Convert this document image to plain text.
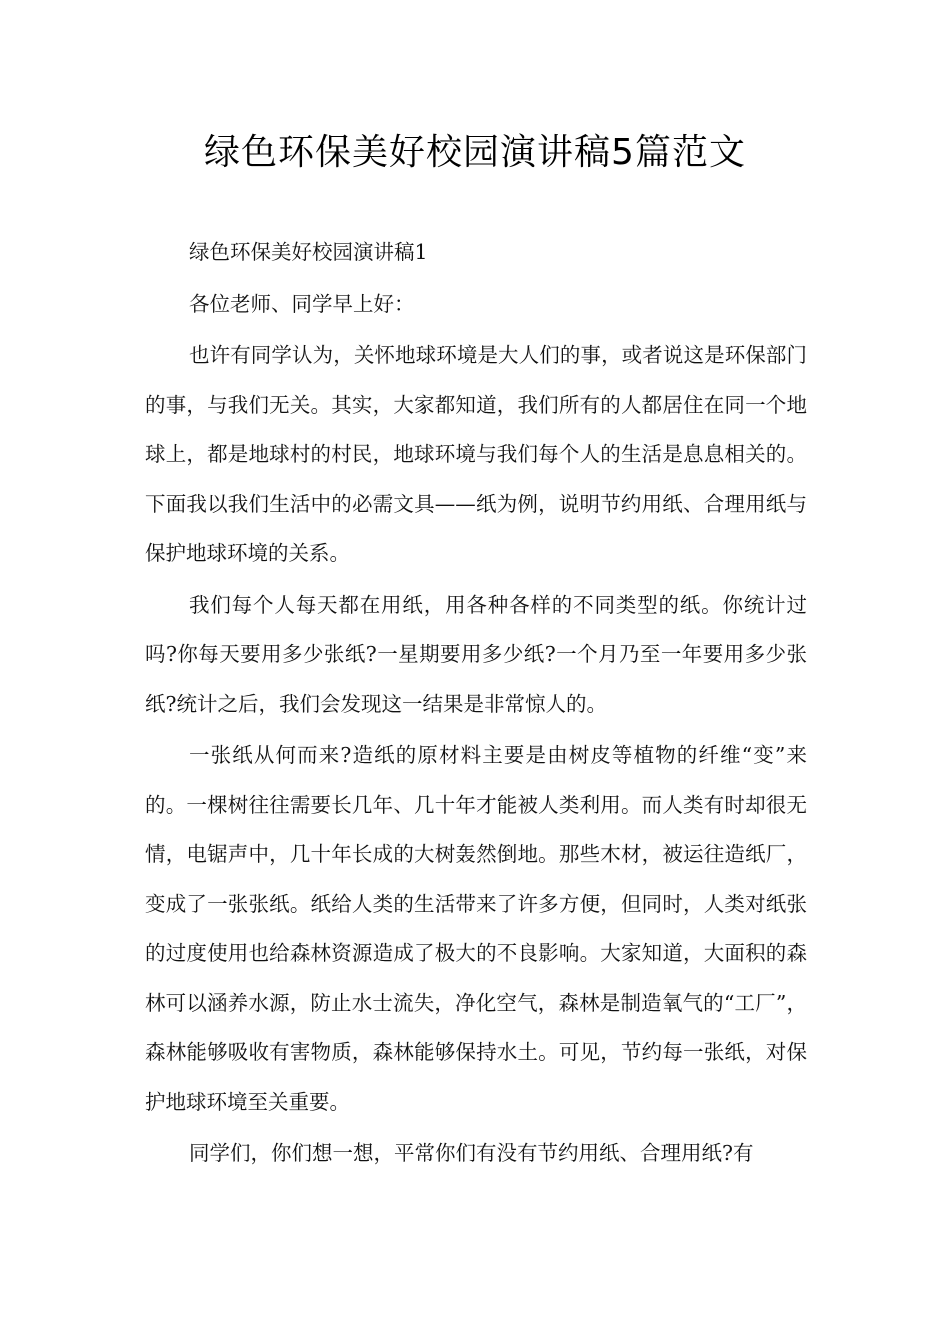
绿色环保美好校园演讲稿5篇范文

绿色环保美好校园演讲稿1

各位老师、同学早上好：

也许有同学认为，关怀地球环境是大人们的事，或者说这是环保部门的事，与我们无关。其实，大家都知道，我们所有的人都居住在同一个地球上，都是地球村的村民，地球环境与我们每个人的生活是息息相关的。下面我以我们生活中的必需文具——纸为例，说明节约用纸、合理用纸与保护地球环境的关系。

我们每个人每天都在用纸，用各种各样的不同类型的纸。你统计过吗?你每天要用多少张纸?一星期要用多少纸?一个月乃至一年要用多少张纸?统计之后，我们会发现这一结果是非常惊人的。

一张纸从何而来?造纸的原材料主要是由树皮等植物的纤维“变”来的。一棵树往往需要长几年、几十年才能被人类利用。而人类有时却很无情，电锯声中，几十年长成的大树轰然倒地。那些木材，被运往造纸厂，变成了一张张纸。纸给人类的生活带来了许多方便，但同时，人类对纸张的过度使用也给森林资源造成了极大的不良影响。大家知道，大面积的森林可以涵养水源，防止水士流失，净化空气，森林是制造氧气的“工厂”，森林能够吸收有害物质，森林能够保持水土。可见，节约每一张纸，对保护地球环境至关重要。

同学们，你们想一想，平常你们有没有节约用纸、合理用纸?有
